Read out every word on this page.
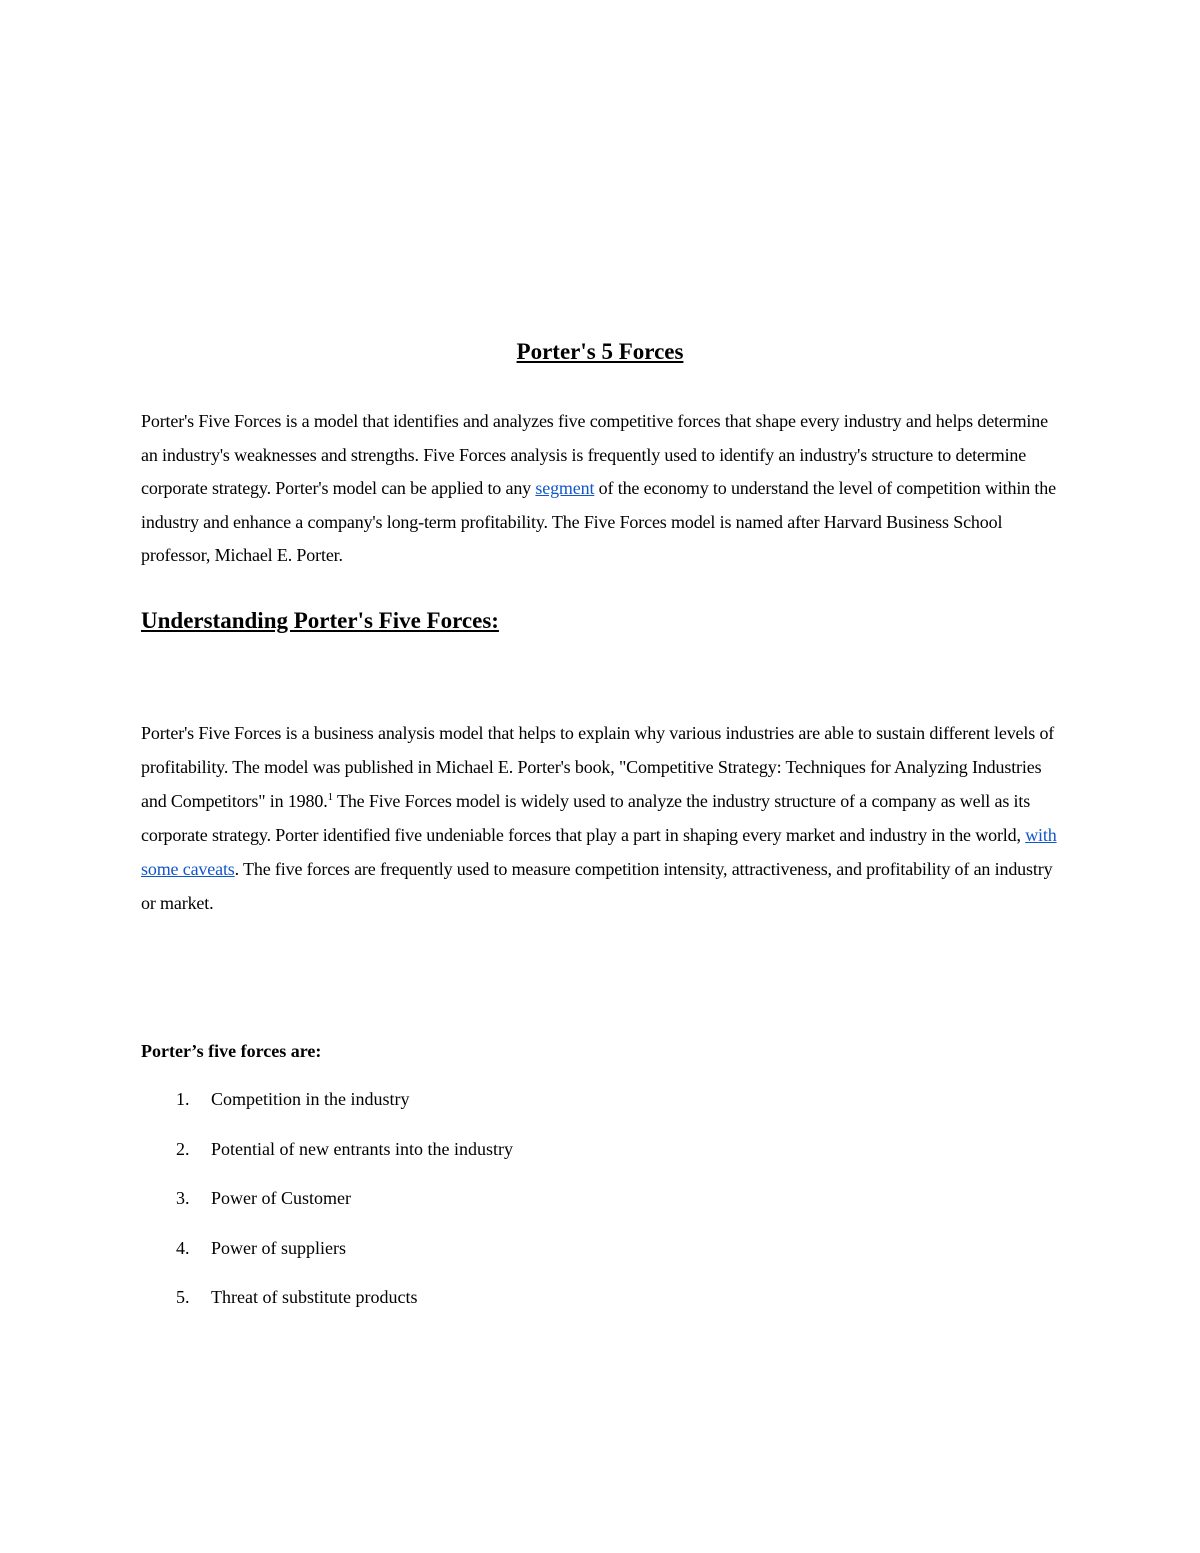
Porter's 5 Forces

Porter's Five Forces is a model that identifies and analyzes five competitive forces that shape every industry and helps determine an industry's weaknesses and strengths. Five Forces analysis is frequently used to identify an industry's structure to determine corporate strategy. Porter's model can be applied to any segment of the economy to understand the level of competition within the industry and enhance a company's long-term profitability. The Five Forces model is named after Harvard Business School professor, Michael E. Porter.

Understanding Porter's Five Forces:

Porter's Five Forces is a business analysis model that helps to explain why various industries are able to sustain different levels of profitability. The model was published in Michael E. Porter's book, "Competitive Strategy: Techniques for Analyzing Industries and Competitors" in 1980.$^1$ The Five Forces model is widely used to analyze the industry structure of a company as well as its corporate strategy. Porter identified five undeniable forces that play a part in shaping every market and industry in the world, with some caveats. The five forces are frequently used to measure competition intensity, attractiveness, and profitability of an industry or market.

Porter’s five forces are:

1. Competition in the industry
2. Potential of new entrants into the industry
3. Power of Customer
4. Power of suppliers
5. Threat of substitute products
